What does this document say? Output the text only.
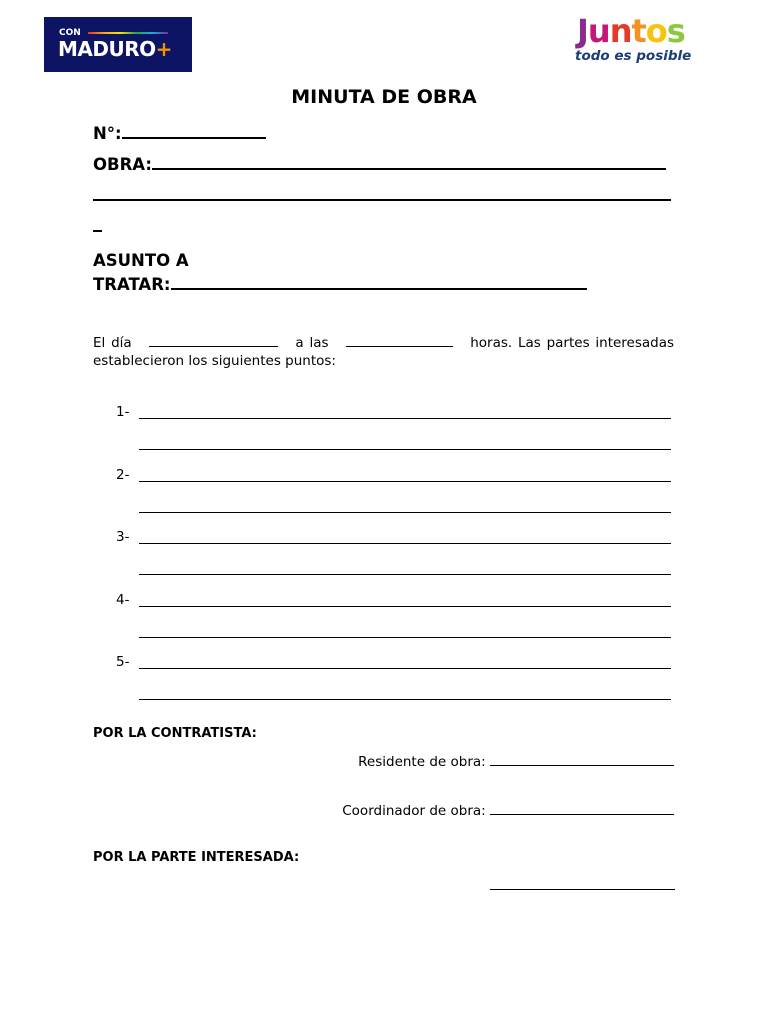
CON
MADURO+	Juntos
todo es posible
MINUTA DE OBRA
N°:
OBRA:
ASUNTO A
TRATAR:
El día	a las	horas. Las partes interesadas establecieron los siguientes puntos:
1-
2-
3-
4-
5-
POR LA CONTRATISTA:
Residente de obra:
Coordinador de obra:
POR LA PARTE INTERESADA:
